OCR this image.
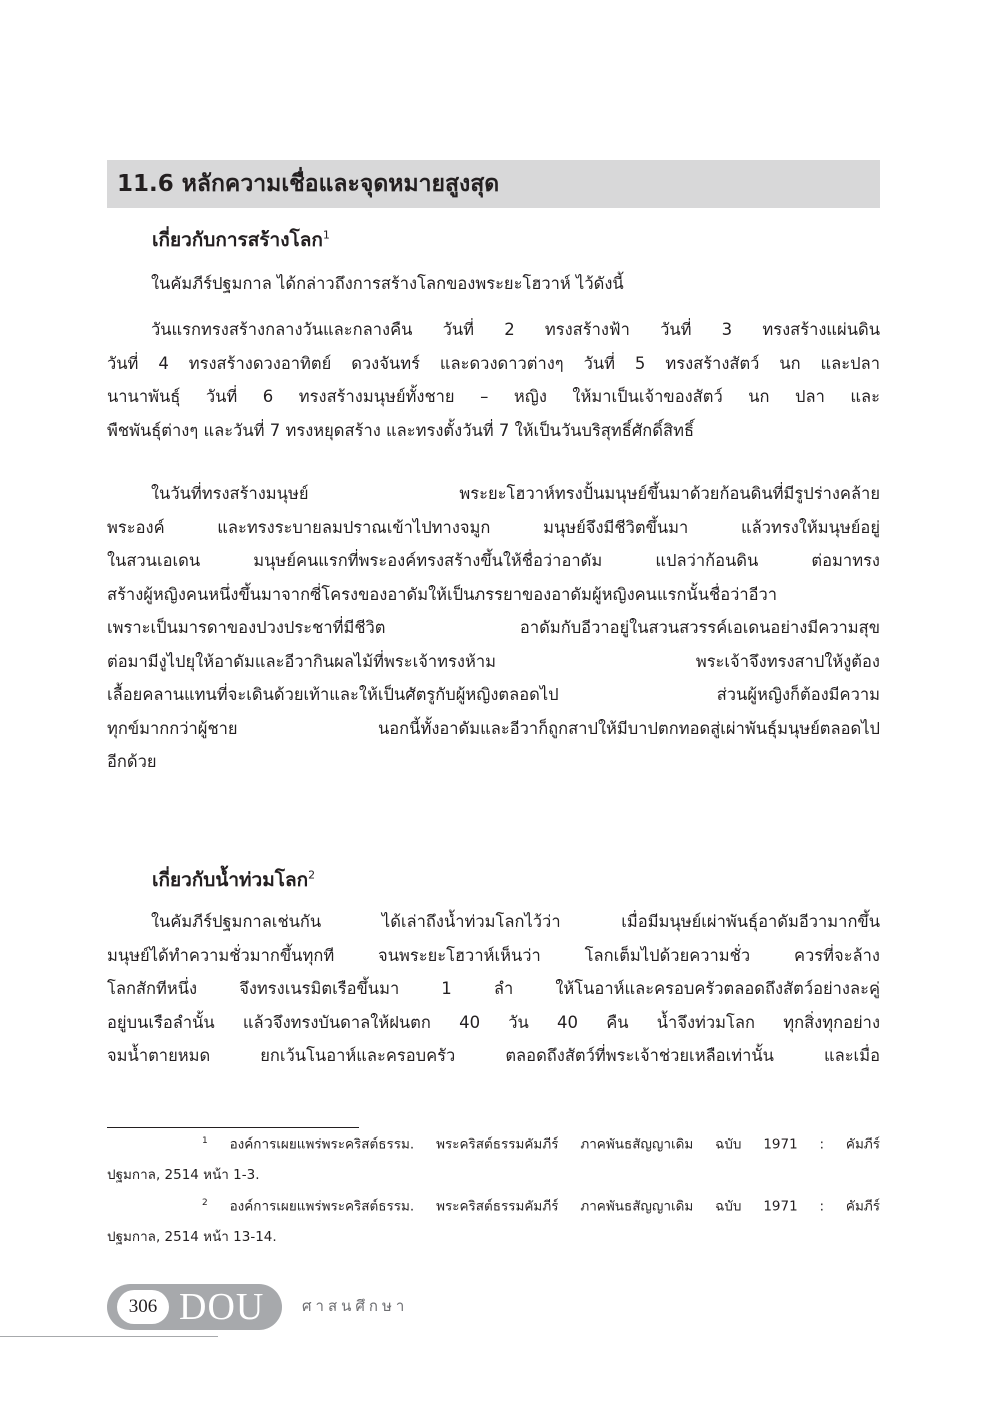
11.6 หลักความเชื่อและจุดหมายสูงสุด
เกี่ยวกับการสร้างโลก$^1$
ในคัมภีร์ปฐมกาล ได้กล่าวถึงการสร้างโลกของพระยะโฮวาห์ ไว้ดังนี้
วันแรกทรงสร้างกลางวันและกลางคืน วันที่ 2 ทรงสร้างฟ้า วันที่ 3 ทรงสร้างแผ่นดิน
วันที่ 4 ทรงสร้างดวงอาทิตย์ ดวงจันทร์ และดวงดาวต่างๆ วันที่ 5 ทรงสร้างสัตว์ นก และปลา
นานาพันธุ์ วันที่ 6 ทรงสร้างมนุษย์ทั้งชาย – หญิง ให้มาเป็นเจ้าของสัตว์ นก ปลา และ
พืชพันธุ์ต่างๆ และวันที่ 7 ทรงหยุดสร้าง และทรงตั้งวันที่ 7 ให้เป็นวันบริสุทธิ์ศักดิ์สิทธิ์
ในวันที่ทรงสร้างมนุษย์ พระยะโฮวาห์ทรงปั้นมนุษย์ขึ้นมาด้วยก้อนดินที่มีรูปร่างคล้าย
พระองค์ และทรงระบายลมปราณเข้าไปทางจมูก มนุษย์จึงมีชีวิตขึ้นมา แล้วทรงให้มนุษย์อยู่
ในสวนเอเดน มนุษย์คนแรกที่พระองค์ทรงสร้างขึ้นให้ชื่อว่าอาดัม แปลว่าก้อนดิน ต่อมาทรง
สร้างผู้หญิงคนหนึ่งขึ้นมาจากซี่โครงของอาดัมให้เป็นภรรยาของอาดัมผู้หญิงคนแรกนั้นชื่อว่าอีวา
เพราะเป็นมารดาของปวงประชาที่มีชีวิต อาดัมกับอีวาอยู่ในสวนสวรรค์เอเดนอย่างมีความสุข
ต่อมามีงูไปยุให้อาดัมและอีวากินผลไม้ที่พระเจ้าทรงห้าม พระเจ้าจึงทรงสาปให้งูต้อง
เลื้อยคลานแทนที่จะเดินด้วยเท้าและให้เป็นศัตรูกับผู้หญิงตลอดไป ส่วนผู้หญิงก็ต้องมีความ
ทุกข์มากกว่าผู้ชาย นอกนี้ทั้งอาดัมและอีวาก็ถูกสาปให้มีบาปตกทอดสู่เผ่าพันธุ์มนุษย์ตลอดไป
อีกด้วย
เกี่ยวกับน้ำท่วมโลก$^2$
ในคัมภีร์ปฐมกาลเช่นกัน ได้เล่าถึงน้ำท่วมโลกไว้ว่า เมื่อมีมนุษย์เผ่าพันธุ์อาดัมอีวามากขึ้น
มนุษย์ได้ทำความชั่วมากขึ้นทุกที จนพระยะโฮวาห์เห็นว่า โลกเต็มไปด้วยความชั่ว ควรที่จะล้าง
โลกสักทีหนึ่ง จึงทรงเนรมิตเรือขึ้นมา 1 ลำ ให้โนอาห์และครอบครัวตลอดถึงสัตว์อย่างละคู่
อยู่บนเรือลำนั้น แล้วจึงทรงบันดาลให้ฝนตก 40 วัน 40 คืน น้ำจึงท่วมโลก ทุกสิ่งทุกอย่าง
จมน้ำตายหมด ยกเว้นโนอาห์และครอบครัว ตลอดถึงสัตว์ที่พระเจ้าช่วยเหลือเท่านั้น และเมื่อ
$^1$ องค์การเผยแพร่พระคริสต์ธรรม. พระคริสต์ธรรมคัมภีร์ ภาคพันธสัญญาเดิม ฉบับ 1971 : คัมภีร์
ปฐมกาล, 2514 หน้า 1-3.
$^2$ องค์การเผยแพร่พระคริสต์ธรรม. พระคริสต์ธรรมคัมภีร์ ภาคพันธสัญญาเดิม ฉบับ 1971 : คัมภีร์
ปฐมกาล, 2514 หน้า 13-14.
306 DOU	ศาสนศึกษา
